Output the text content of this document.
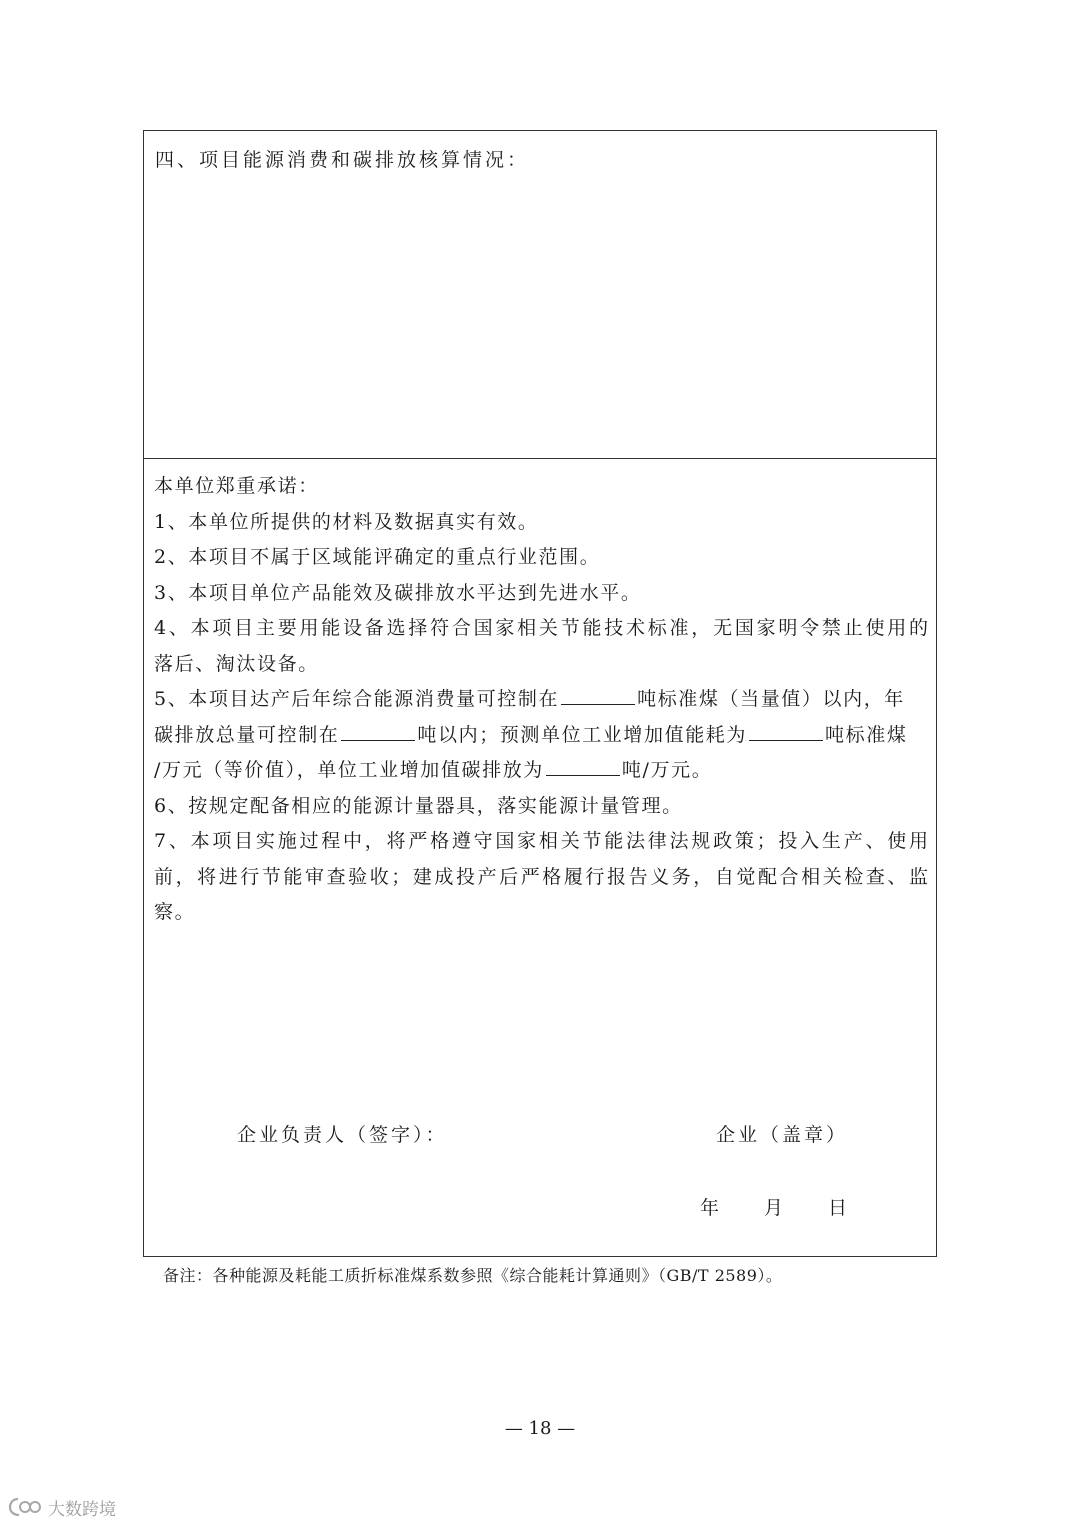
四、项目能源消费和碳排放核算情况：
本单位郑重承诺：
1、本单位所提供的材料及数据真实有效。
2、本项目不属于区域能评确定的重点行业范围。
3、本项目单位产品能效及碳排放水平达到先进水平。
4、本项目主要用能设备选择符合国家相关节能技术标准，无国家明令禁止使用的
落后、淘汰设备。
5、本项目达产后年综合能源消费量可控制在	吨标准煤（当量值）以内，年
碳排放总量可控制在	吨以内；预测单位工业增加值能耗为	吨标准煤
/万元（等价值），单位工业增加值碳排放为	吨/万元。
6、按规定配备相应的能源计量器具，落实能源计量管理。
7、本项目实施过程中，将严格遵守国家相关节能法律法规政策；投入生产、使用
前，将进行节能审查验收；建成投产后严格履行报告义务，自觉配合相关检查、监
察。
企业负责人（签字）：	企业（盖章）
年 月 日
备注：各种能源及耗能工质折标准煤系数参照《综合能耗计算通则》（GB/T 2589）。
— 18 —
大数跨境
